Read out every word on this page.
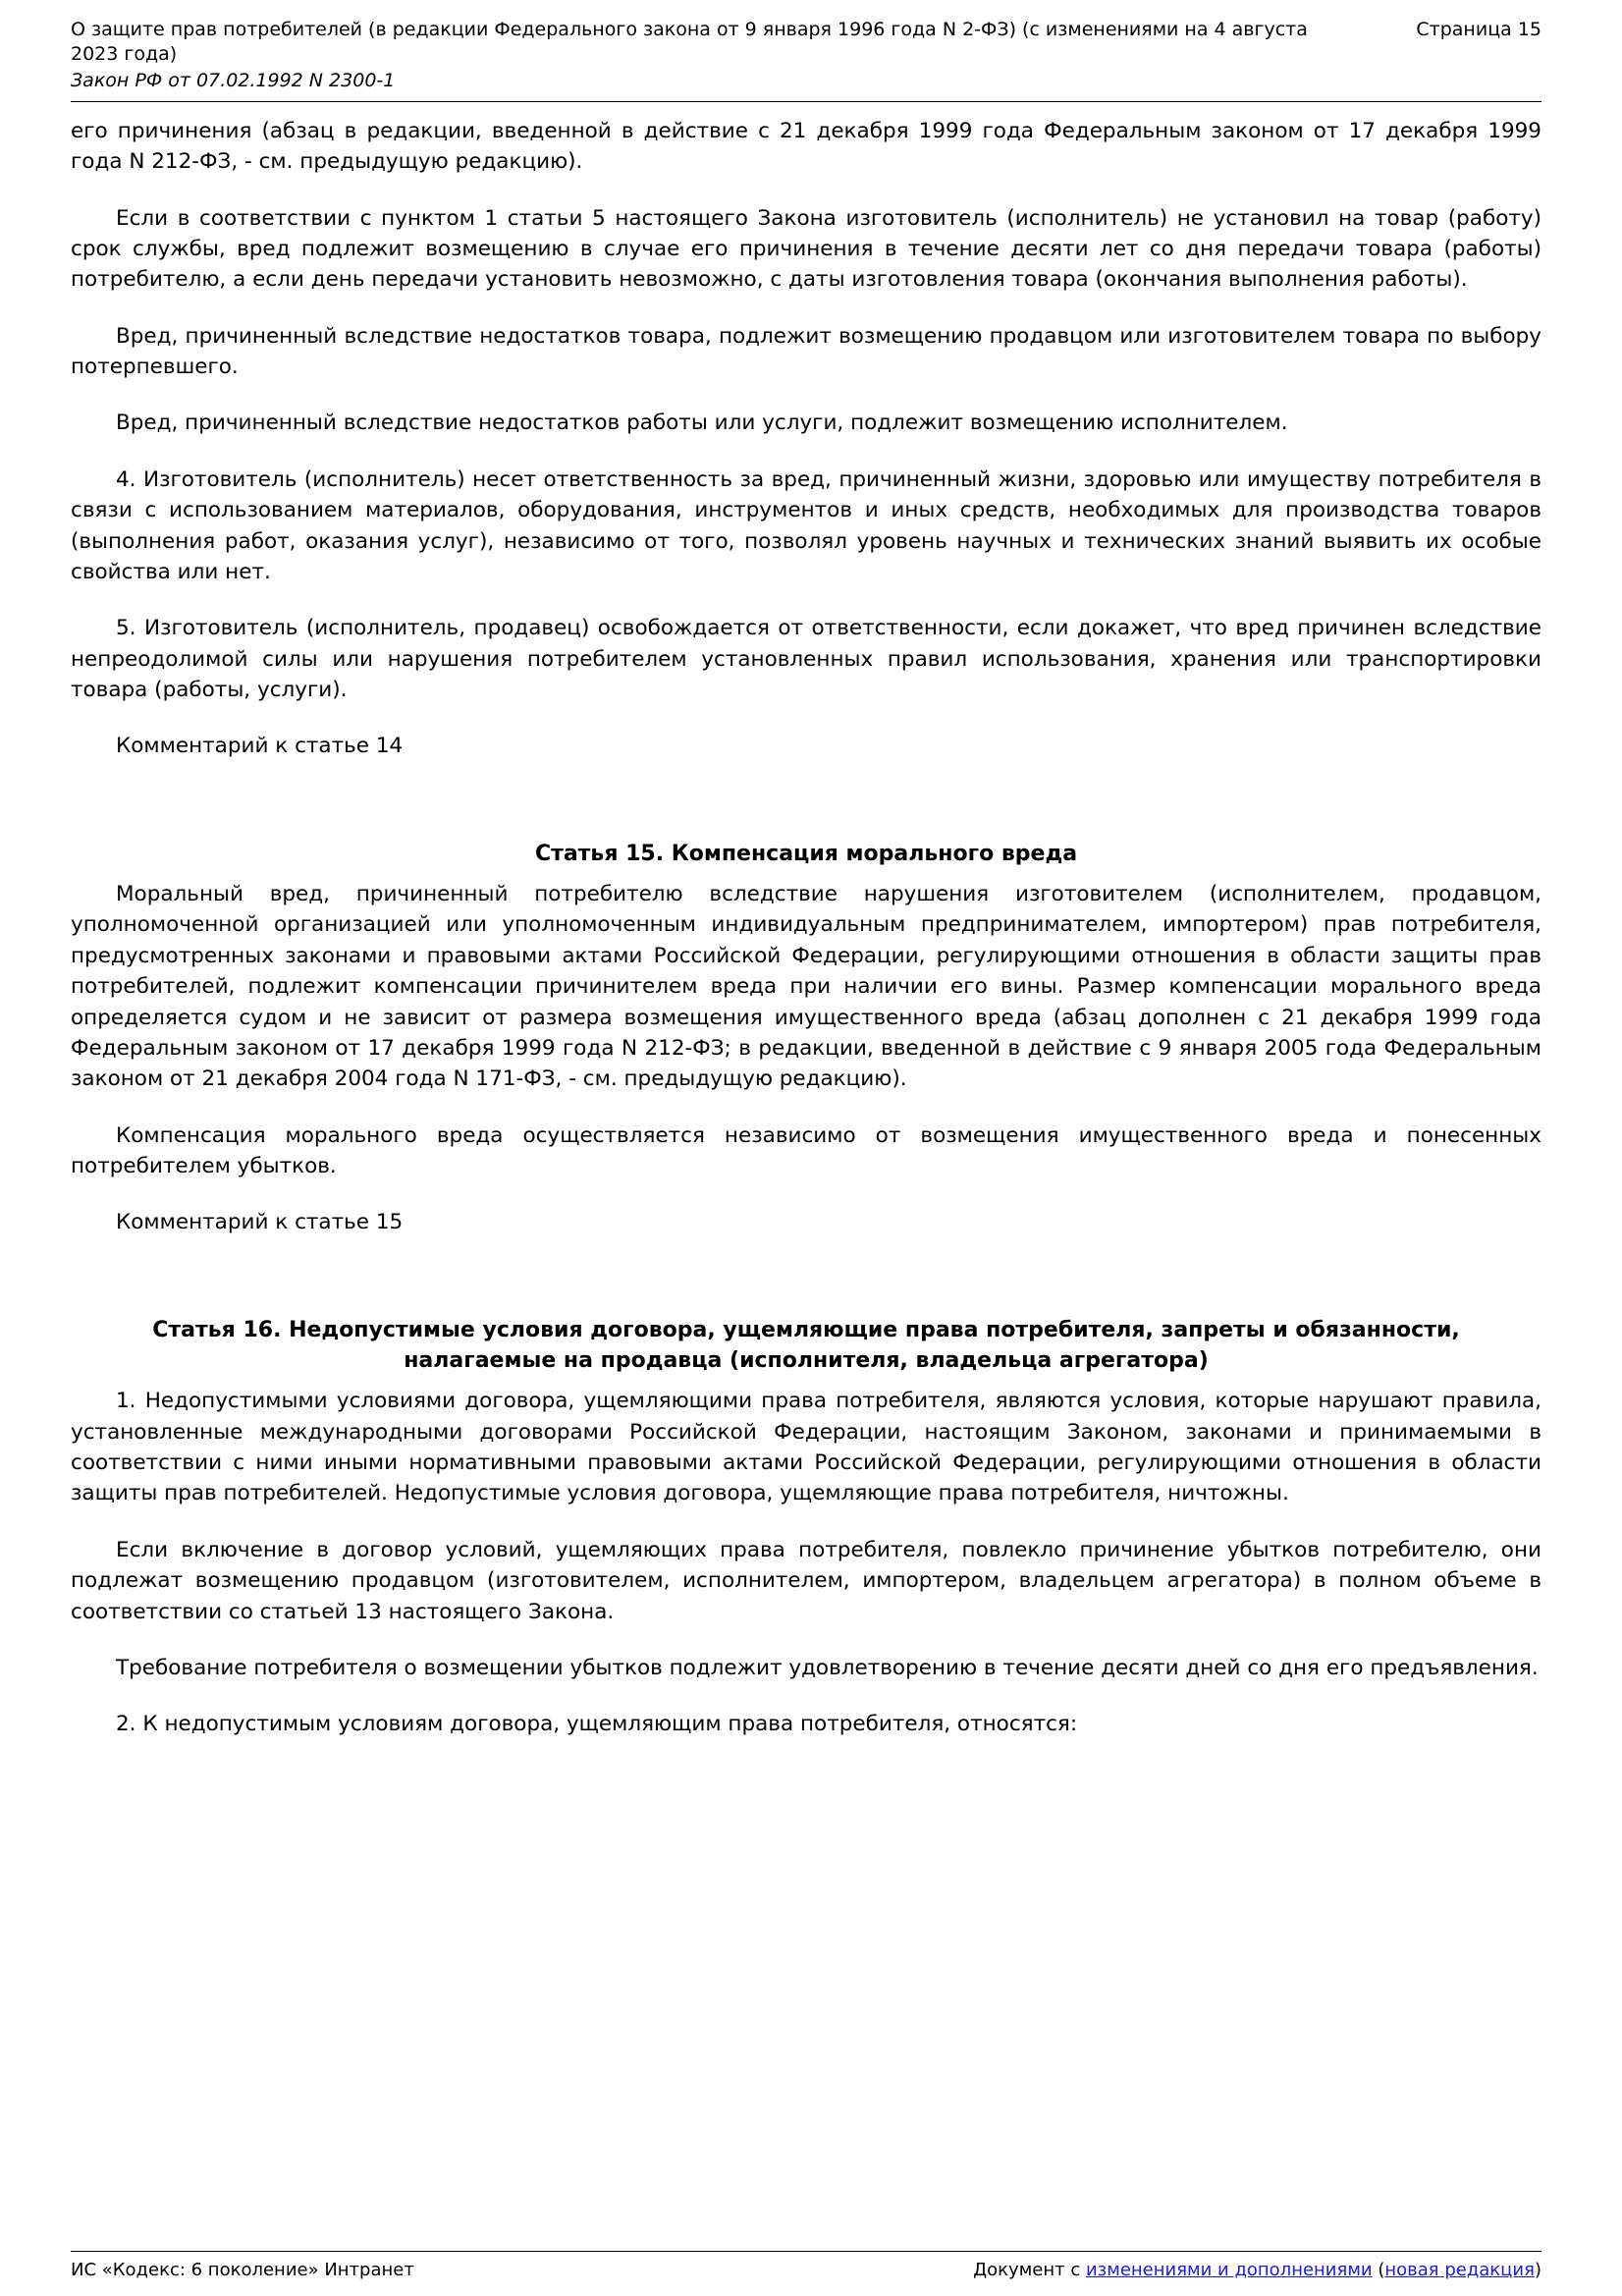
О защите прав потребителей (в редакции Федерального закона от 9 января 1996 года N 2-ФЗ) (с изменениями на 4 августа 2023 года)
Страница 15
Закон РФ от 07.02.1992 N 2300-1

его причинения (абзац в редакции, введенной в действие с 21 декабря 1999 года Федеральным законом от 17 декабря 1999 года N 212-ФЗ, - см. предыдущую редакцию).

Если в соответствии с пунктом 1 статьи 5 настоящего Закона изготовитель (исполнитель) не установил на товар (работу) срок службы, вред подлежит возмещению в случае его причинения в течение десяти лет со дня передачи товара (работы) потребителю, а если день передачи установить невозможно, с даты изготовления товара (окончания выполнения работы).

Вред, причиненный вследствие недостатков товара, подлежит возмещению продавцом или изготовителем товара по выбору потерпевшего.

Вред, причиненный вследствие недостатков работы или услуги, подлежит возмещению исполнителем.

4. Изготовитель (исполнитель) несет ответственность за вред, причиненный жизни, здоровью или имуществу потребителя в связи с использованием материалов, оборудования, инструментов и иных средств, необходимых для производства товаров (выполнения работ, оказания услуг), независимо от того, позволял уровень научных и технических знаний выявить их особые свойства или нет.

5. Изготовитель (исполнитель, продавец) освобождается от ответственности, если докажет, что вред причинен вследствие непреодолимой силы или нарушения потребителем установленных правил использования, хранения или транспортировки товара (работы, услуги).

Комментарий к статье 14

Статья 15. Компенсация морального вреда

Моральный вред, причиненный потребителю вследствие нарушения изготовителем (исполнителем, продавцом, уполномоченной организацией или уполномоченным индивидуальным предпринимателем, импортером) прав потребителя, предусмотренных законами и правовыми актами Российской Федерации, регулирующими отношения в области защиты прав потребителей, подлежит компенсации причинителем вреда при наличии его вины. Размер компенсации морального вреда определяется судом и не зависит от размера возмещения имущественного вреда (абзац дополнен с 21 декабря 1999 года Федеральным законом от 17 декабря 1999 года N 212-ФЗ; в редакции, введенной в действие с 9 января 2005 года Федеральным законом от 21 декабря 2004 года N 171-ФЗ, - см. предыдущую редакцию).

Компенсация морального вреда осуществляется независимо от возмещения имущественного вреда и понесенных потребителем убытков.

Комментарий к статье 15

Статья 16. Недопустимые условия договора, ущемляющие права потребителя, запреты и обязанности, налагаемые на продавца (исполнителя, владельца агрегатора)

1. Недопустимыми условиями договора, ущемляющими права потребителя, являются условия, которые нарушают правила, установленные международными договорами Российской Федерации, настоящим Законом, законами и принимаемыми в соответствии с ними иными нормативными правовыми актами Российской Федерации, регулирующими отношения в области защиты прав потребителей. Недопустимые условия договора, ущемляющие права потребителя, ничтожны.

Если включение в договор условий, ущемляющих права потребителя, повлекло причинение убытков потребителю, они подлежат возмещению продавцом (изготовителем, исполнителем, импортером, владельцем агрегатора) в полном объеме в соответствии со статьей 13 настоящего Закона.

Требование потребителя о возмещении убытков подлежит удовлетворению в течение десяти дней со дня его предъявления.

2. К недопустимым условиям договора, ущемляющим права потребителя, относятся:

ИС «Кодекс: 6 поколение» Интранет	Документ с изменениями и дополнениями (новая редакция)
